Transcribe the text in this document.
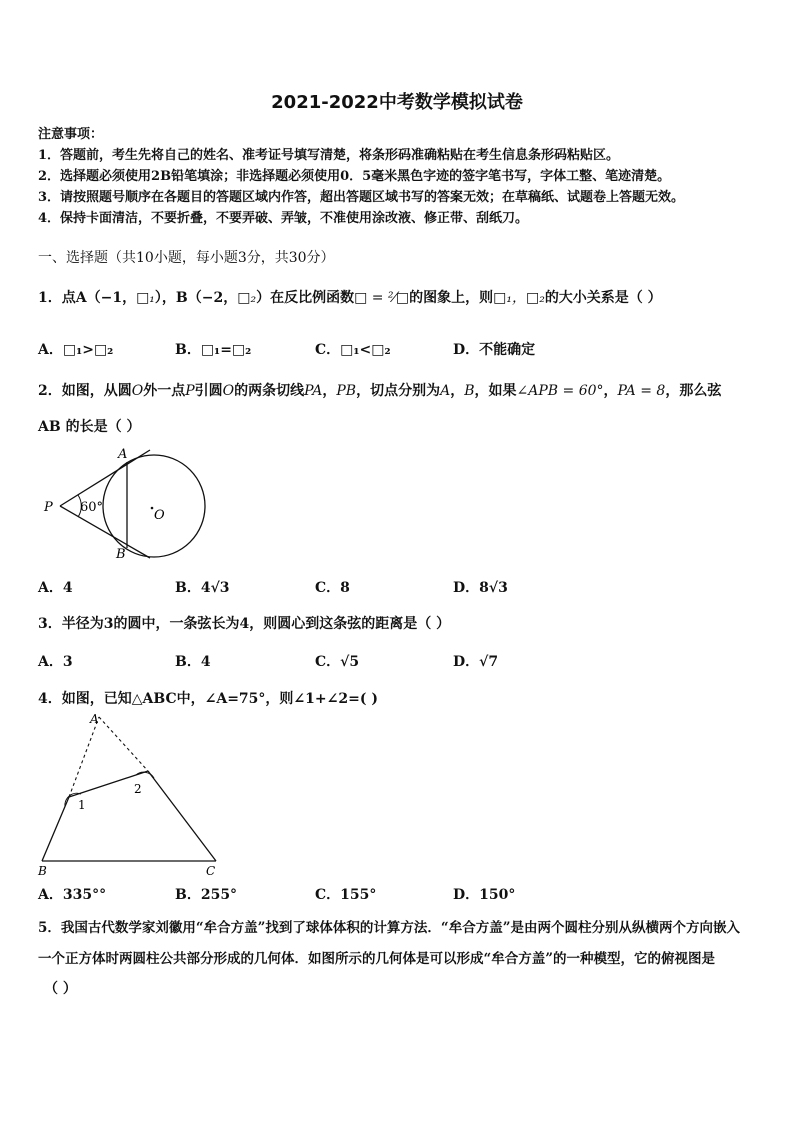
2021-2022中考数学模拟试卷
注意事项：
1．答题前，考生先将自己的姓名、准考证号填写清楚，将条形码准确粘贴在考生信息条形码粘贴区。
2．选择题必须使用2B铅笔填涂；非选择题必须使用0．5毫米黑色字迹的签字笔书写，字体工整、笔迹清楚。
3．请按照题号顺序在各题目的答题区域内作答，超出答题区域书写的答案无效；在草稿纸、试题卷上答题无效。
4．保持卡面清洁，不要折叠，不要弄破、弄皱，不准使用涂改液、修正带、刮纸刀。
一、选择题（共10小题，每小题3分，共30分）
1．点A（−1，□₁），B（−2，□₂）在反比例函数□ = ²⁄□的图象上，则□₁，□₂的大小关系是（ ）
A．□₁>□₂	B．□₁=□₂	C．□₁<□₂	D．不能确定
2．如图，从圆O外一点P引圆O的两条切线PA，PB，切点分别为A，B，如果∠APB = 60°，PA = 8，那么弦
AB 的长是（ ）
A
B
P
O
60°
A．4	B．4√3	C．8	D．8√3
3．半径为3的圆中，一条弦长为4，则圆心到这条弦的距离是（ ）
A．3	B．4	C．√5	D．√7
4．如图，已知△ABC中，∠A=75°，则∠1+∠2=( )
A
B	C
1
2
A．335°°	B．255°	C．155°	D．150°
5．我国古代数学家刘徽用“牟合方盖”找到了球体体积的计算方法．“牟合方盖”是由两个圆柱分别从纵横两个方向嵌入
一个正方体时两圆柱公共部分形成的几何体．如图所示的几何体是可以形成“牟合方盖”的一种模型，它的俯视图是
（ ）
